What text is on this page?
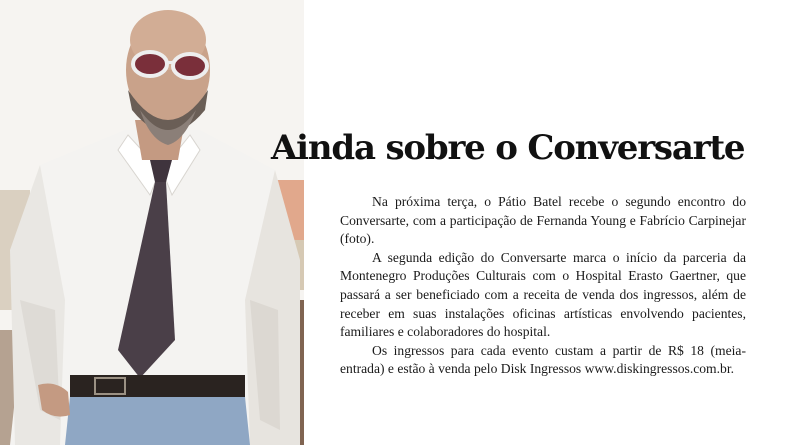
Ainda sobre o Conversarte

Na próxima terça, o Pátio Batel recebe o segundo encontro do Conversarte, com a participação de Fernanda Young e Fabrício Carpinejar (foto).

A segunda edição do Conversarte marca o início da parceria da Montenegro Produções Culturais com o Hospital Erasto Gaertner, que passará a ser beneficiado com a receita de venda dos ingressos, além de receber em suas instalações oficinas artísticas envolvendo pacientes, familiares e colaboradores do hospital.

Os ingressos para cada evento custam a partir de R$ 18 (meia-entrada) e estão à venda pelo Disk Ingressos www.diskingressos.com.br.
